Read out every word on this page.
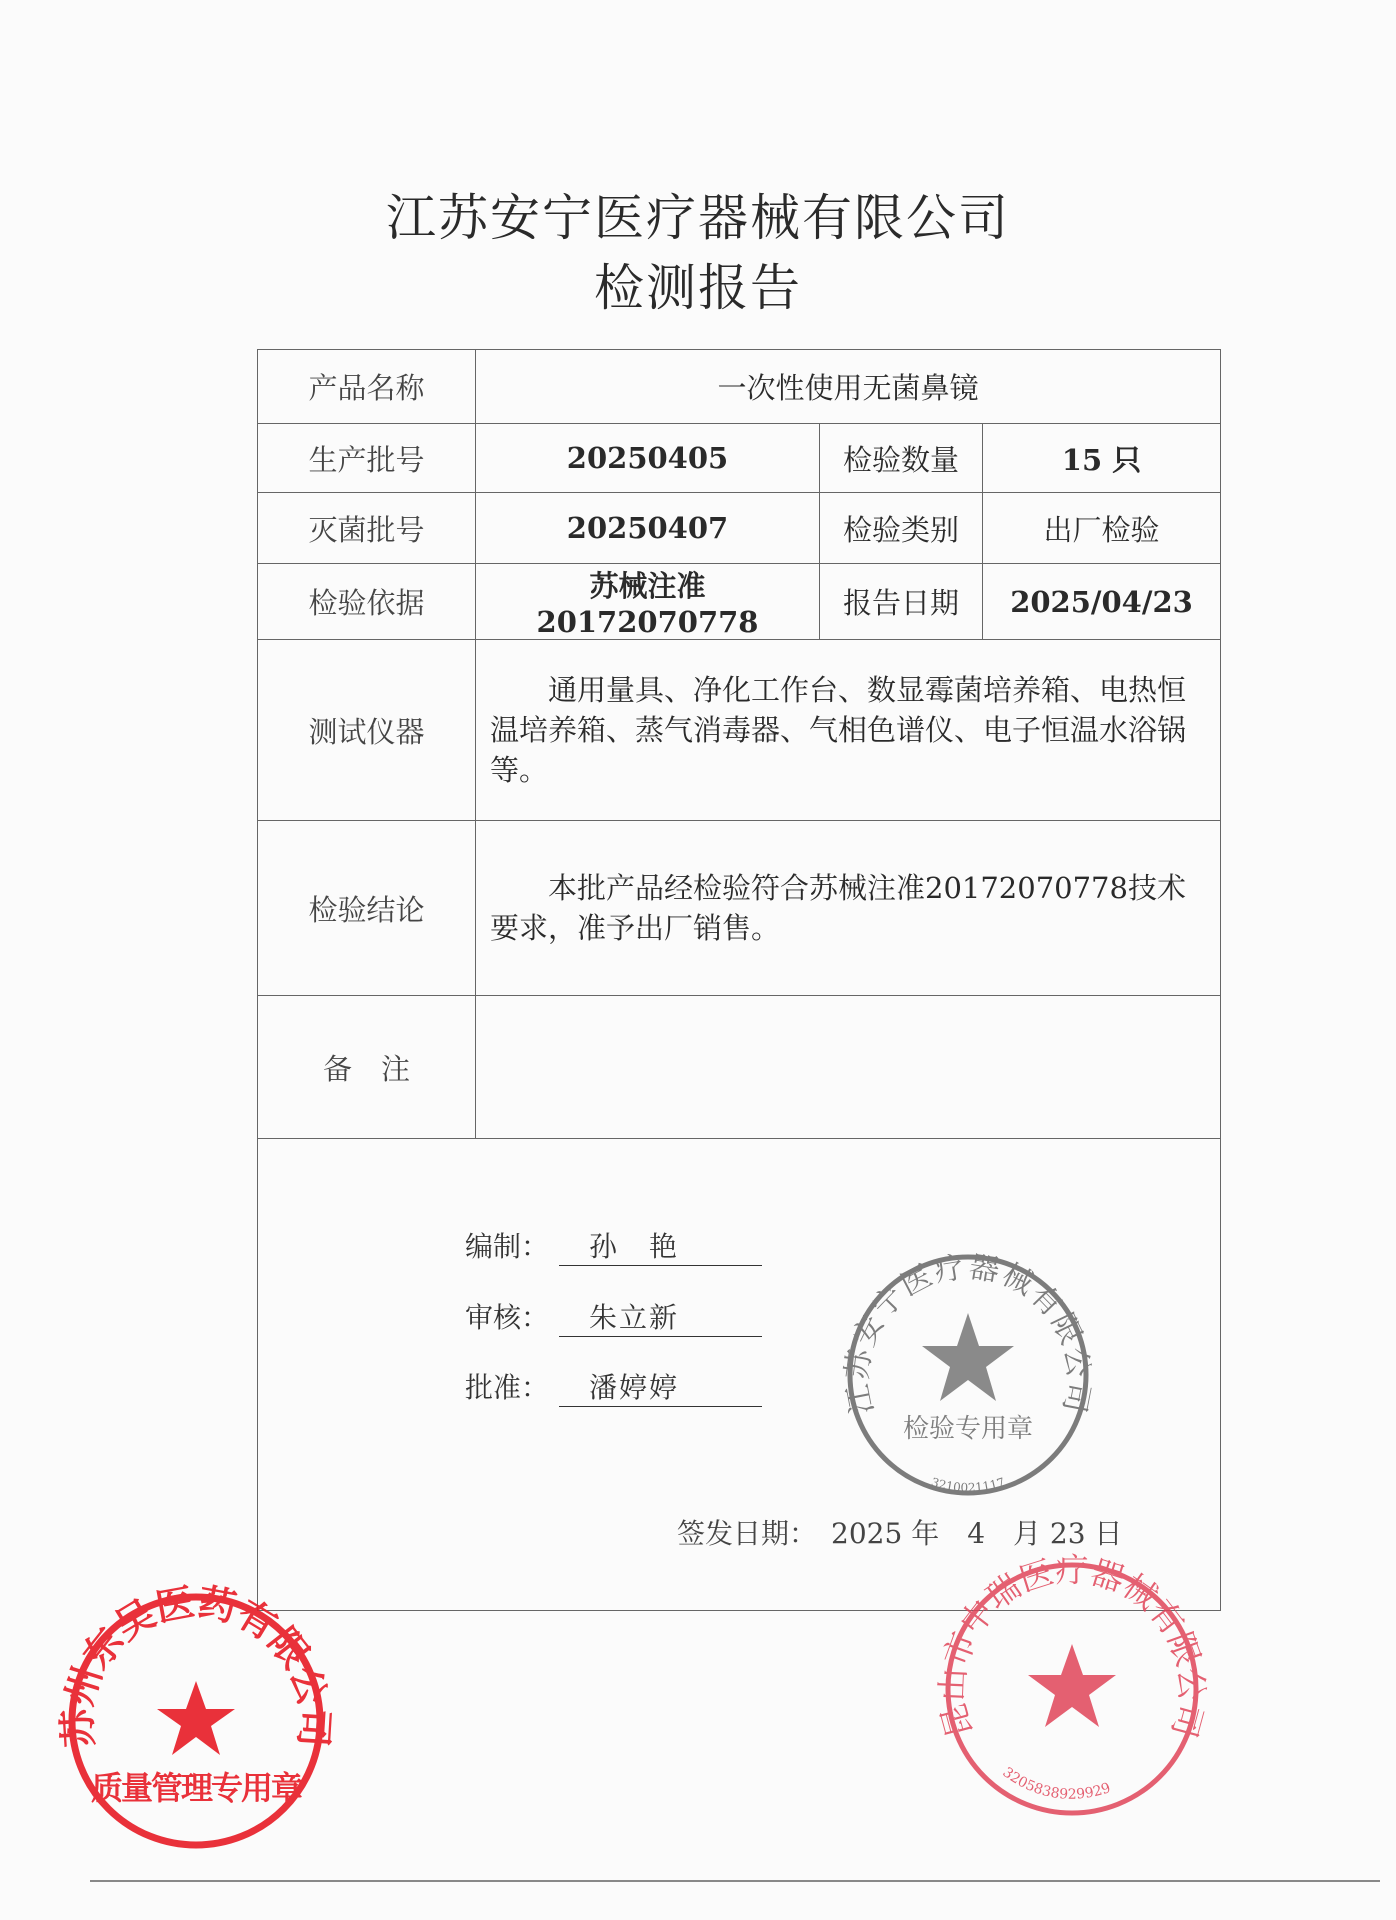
江苏安宁医疗器械有限公司
检测报告
产品名称	一次性使用无菌鼻镜		
生产批号	20250405	检验数量	15 只
灭菌批号	20250407	检验类别	出厂检验
检验依据	苏械注准 20172070778	报告日期	2025/04/23
测试仪器	通用量具、净化工作台、数显霉菌培养箱、电热恒温培养箱、蒸气消毒器、气相色谱仪、电子恒温水浴锅等。		
检验结论	本批产品经检验符合苏械注准20172070778技术要求，准予出厂销售。		
备　注			
编制： 孙　艳
审核： 朱立新
批准： 潘婷婷
签发日期：　 2025 年　4　月 23 日
江苏安宁医疗器械有限公司
检验专用章
3210021117
昆山市中瑞医疗器械有限公司
3205838929929
苏州东吴医药有限公司
质量管理专用章
